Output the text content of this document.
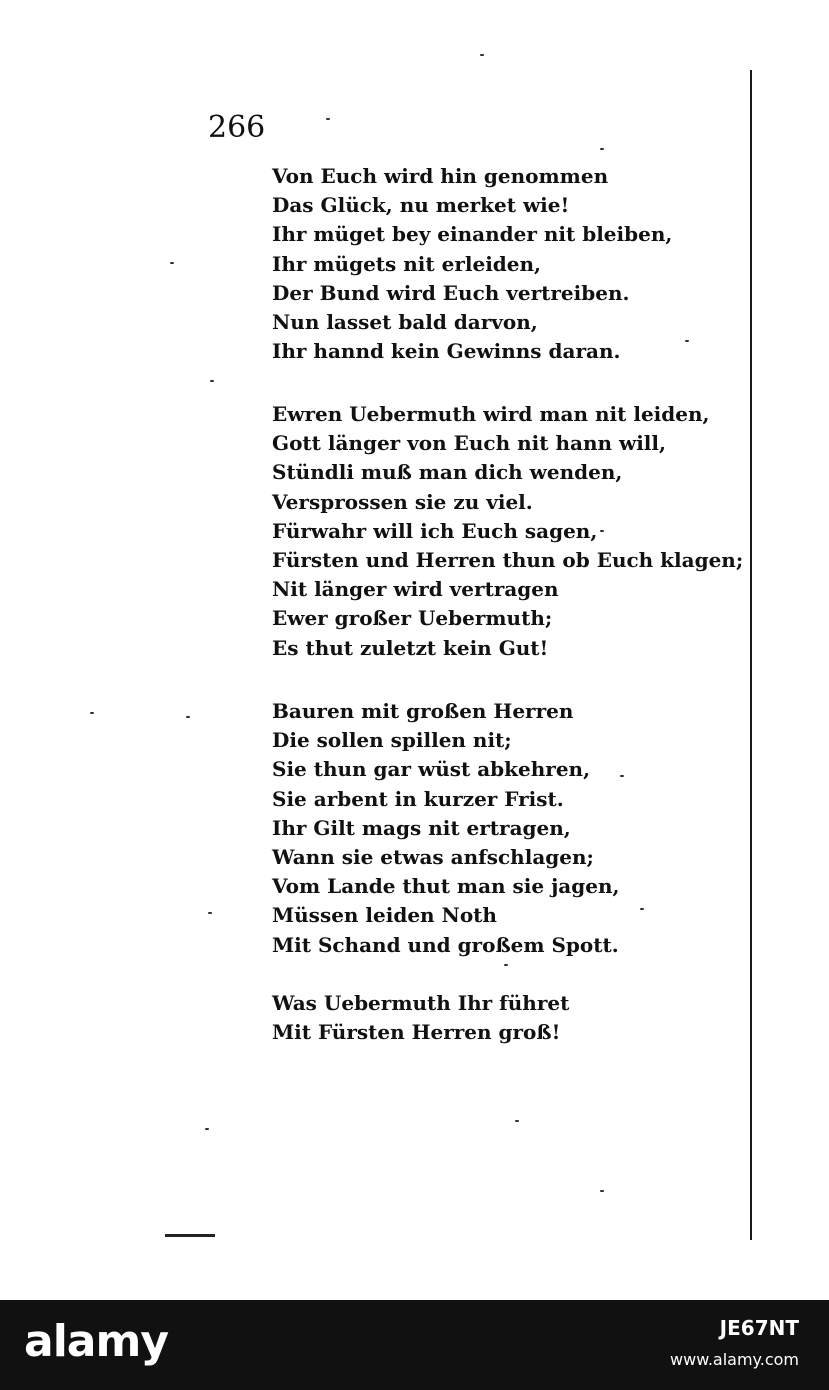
266
Von Euch wird hin genommen
Das Glück, nu merket wie!
Ihr müget bey einander nit bleiben,
Ihr mügets nit erleiden,
Der Bund wird Euch vertreiben.
Nun lasset bald darvon,
Ihr hannd kein Gewinns daran.
Ewren Uebermuth wird man nit leiden,
Gott länger von Euch nit hann will,
Stündli muß man dich wenden,
Versprossen sie zu viel.
Fürwahr will ich Euch sagen,
Fürsten und Herren thun ob Euch klagen;
Nit länger wird vertragen
Ewer großer Uebermuth;
Es thut zuletzt kein Gut!
Bauren mit großen Herren
Die sollen spillen nit;
Sie thun gar wüst abkehren,
Sie arbent in kurzer Frist.
Ihr Gilt mags nit ertragen,
Wann sie etwas anfschlagen;
Vom Lande thut man sie jagen,
Müssen leiden Noth
Mit Schand und großem Spott.
Was Uebermuth Ihr führet
Mit Fürsten Herren groß!
alamy	JE67NT
www.alamy.com
